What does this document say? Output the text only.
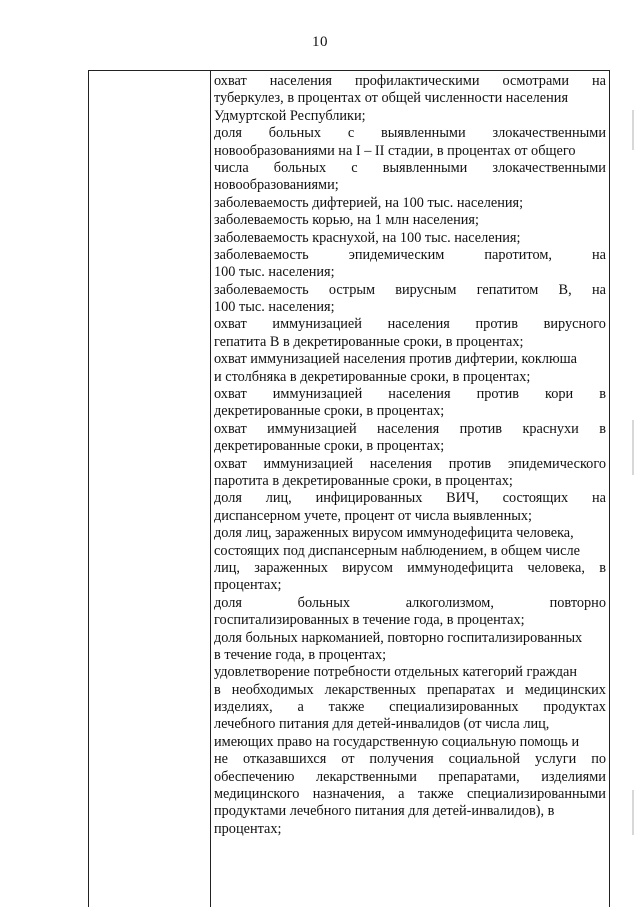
10
охват населения профилактическими осмотрами на
туберкулез, в процентах от общей численности населения
Удмуртской Республики;
доля больных с выявленными злокачественными
новообразованиями на I – II стадии, в процентах от общего
числа больных с выявленными злокачественными
новообразованиями;
заболеваемость дифтерией, на 100 тыс. населения;
заболеваемость корью, на 1 млн населения;
заболеваемость краснухой, на 100 тыс. населения;
заболеваемость	эпидемическим	паротитом,	на
100 тыс. населения;
заболеваемость острым вирусным гепатитом В, на
100 тыс. населения;
охват иммунизацией населения против вирусного
гепатита В в декретированные сроки, в процентах;
охват иммунизацией населения против дифтерии, коклюша
и столбняка в декретированные сроки, в процентах;
охват иммунизацией населения против кори в
декретированные сроки, в процентах;
охват иммунизацией населения против краснухи в
декретированные сроки, в процентах;
охват иммунизацией населения против эпидемического
паротита в декретированные сроки, в процентах;
доля лиц, инфицированных ВИЧ, состоящих на
диспансерном учете, процент от числа выявленных;
доля лиц, зараженных вирусом иммунодефицита человека,
состоящих под диспансерным наблюдением, в общем числе
лиц, зараженных вирусом иммунодефицита человека, в
процентах;
доля	больных	алкоголизмом,	повторно
госпитализированных в течение года, в процентах;
доля больных наркоманией, повторно госпитализированных
в течение года, в процентах;
удовлетворение потребности отдельных категорий граждан
в необходимых лекарственных препаратах и медицинских
изделиях, а также специализированных продуктах
лечебного питания для детей-инвалидов (от числа лиц,
имеющих право на государственную социальную помощь и
не отказавшихся от получения социальной услуги по
обеспечению лекарственными препаратами, изделиями
медицинского назначения, а также специализированными
продуктами лечебного питания для детей-инвалидов), в
процентах;
